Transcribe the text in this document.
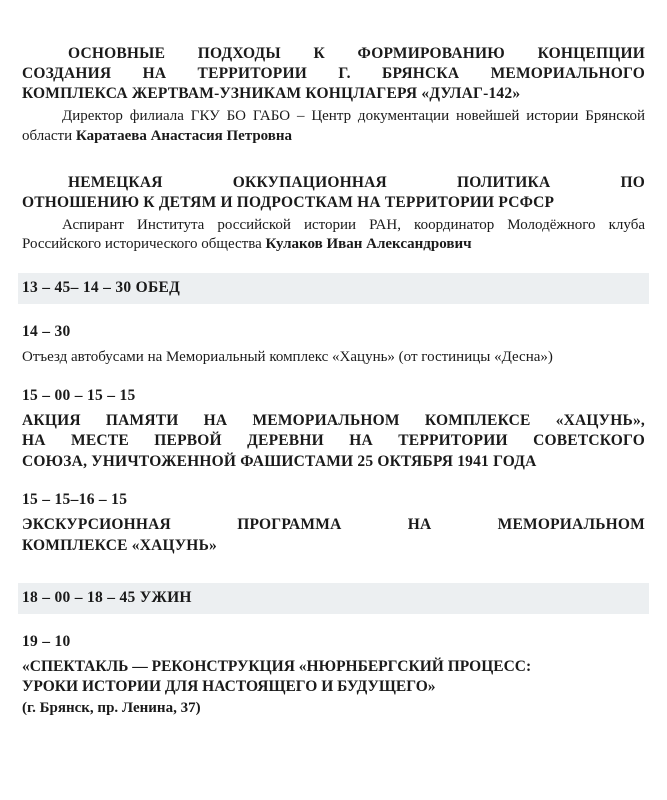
ОСНОВНЫЕ ПОДХОДЫ К ФОРМИРОВАНИЮ КОНЦЕПЦИИ
СОЗДАНИЯ НА ТЕРРИТОРИИ Г. БРЯНСКА МЕМОРИАЛЬНОГО
КОМПЛЕКСА ЖЕРТВАМ-УЗНИКАМ КОНЦЛАГЕРЯ «ДУЛАГ-142»
Директор филиала ГКУ БО ГАБО – Центр документации новейшей истории Брянской области Каратаева Анастасия Петровна
НЕМЕЦКАЯ ОККУПАЦИОННАЯ ПОЛИТИКА ПО
ОТНОШЕНИЮ К ДЕТЯМ И ПОДРОСТКАМ НА ТЕРРИТОРИИ РСФСР
Аспирант Института российской истории РАН, координатор Молодёжного клуба Российского исторического общества Кулаков Иван Александрович
13 – 45– 14 – 30 ОБЕД
14 – 30
Отъезд автобусами на Мемориальный комплекс «Хацунь» (от гостиницы «Десна»)
15 – 00 – 15 – 15
АКЦИЯ ПАМЯТИ НА МЕМОРИАЛЬНОМ КОМПЛЕКСЕ «ХАЦУНЬ»,
НА МЕСТЕ ПЕРВОЙ ДЕРЕВНИ НА ТЕРРИТОРИИ СОВЕТСКОГО
СОЮЗА, УНИЧТОЖЕННОЙ ФАШИСТАМИ 25 ОКТЯБРЯ 1941 ГОДА
15 – 15–16 – 15
ЭКСКУРСИОННАЯ ПРОГРАММА НА МЕМОРИАЛЬНОМ
КОМПЛЕКСЕ «ХАЦУНЬ»
18 – 00 – 18 – 45 УЖИН
19 – 10
«СПЕКТАКЛЬ — РЕКОНСТРУКЦИЯ «НЮРНБЕРГСКИЙ ПРОЦЕСС:
УРОКИ ИСТОРИИ ДЛЯ НАСТОЯЩЕГО И БУДУЩЕГО»
(г. Брянск, пр. Ленина, 37)
